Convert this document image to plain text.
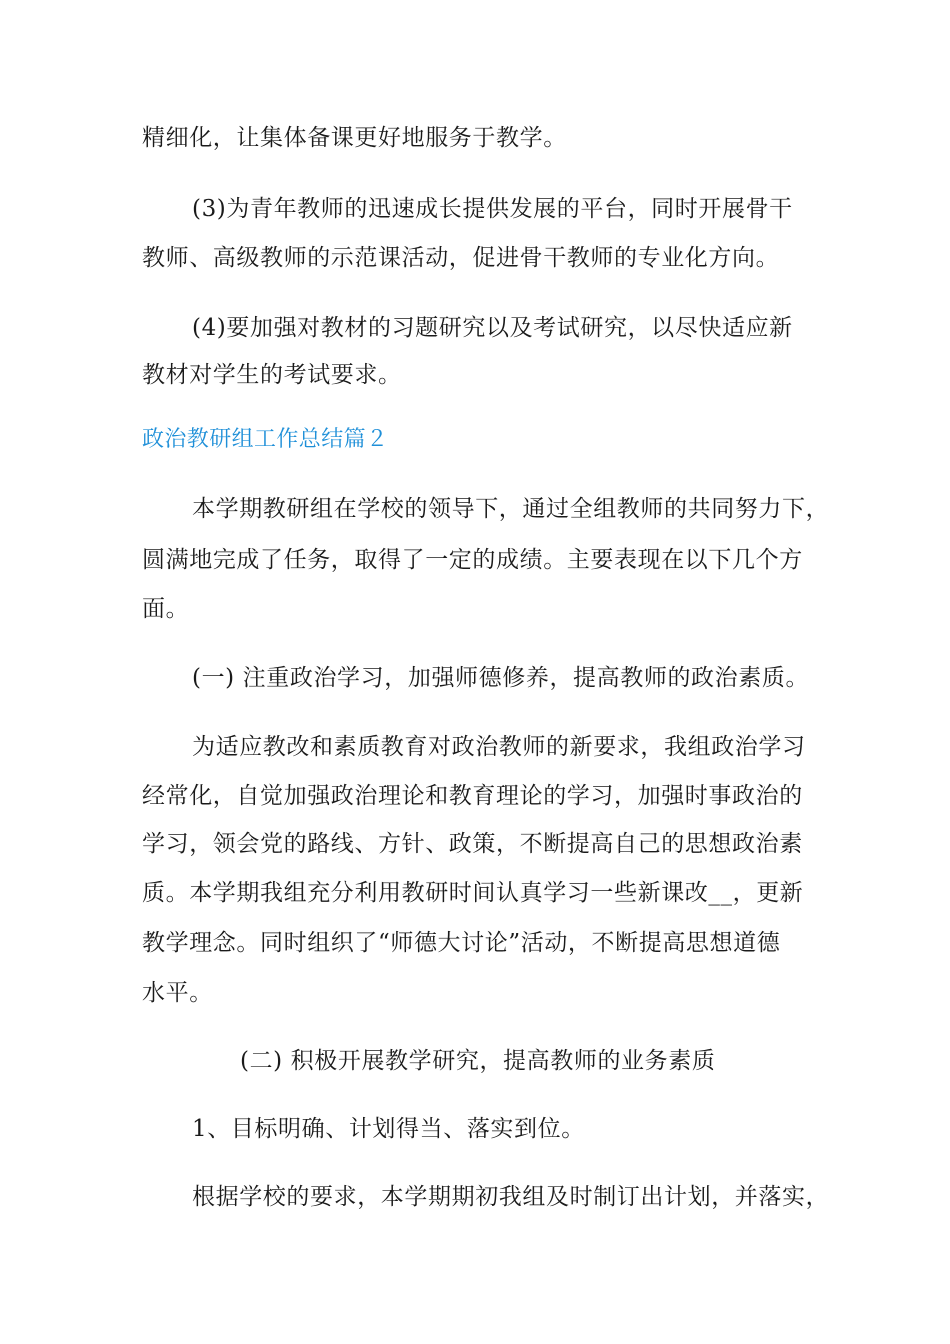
精细化，让集体备课更好地服务于教学。
(3)为青年教师的迅速成长提供发展的平台，同时开展骨干
教师、高级教师的示范课活动，促进骨干教师的专业化方向。
(4)要加强对教材的习题研究以及考试研究，以尽快适应新
教材对学生的考试要求。
政治教研组工作总结篇２
本学期教研组在学校的领导下，通过全组教师的共同努力下，
圆满地完成了任务，取得了一定的成绩。主要表现在以下几个方
面。
(一) 注重政治学习，加强师德修养，提高教师的政治素质。
为适应教改和素质教育对政治教师的新要求，我组政治学习
经常化，自觉加强政治理论和教育理论的学习，加强时事政治的
学习，领会党的路线、方针、政策，不断提高自己的思想政治素
质。本学期我组充分利用教研时间认真学习一些新课改__，更新
教学理念。同时组织了“师德大讨论”活动，不断提高思想道德
水平。
(二) 积极开展教学研究，提高教师的业务素质
1、目标明确、计划得当、落实到位。
根据学校的要求，本学期期初我组及时制订出计划，并落实，
